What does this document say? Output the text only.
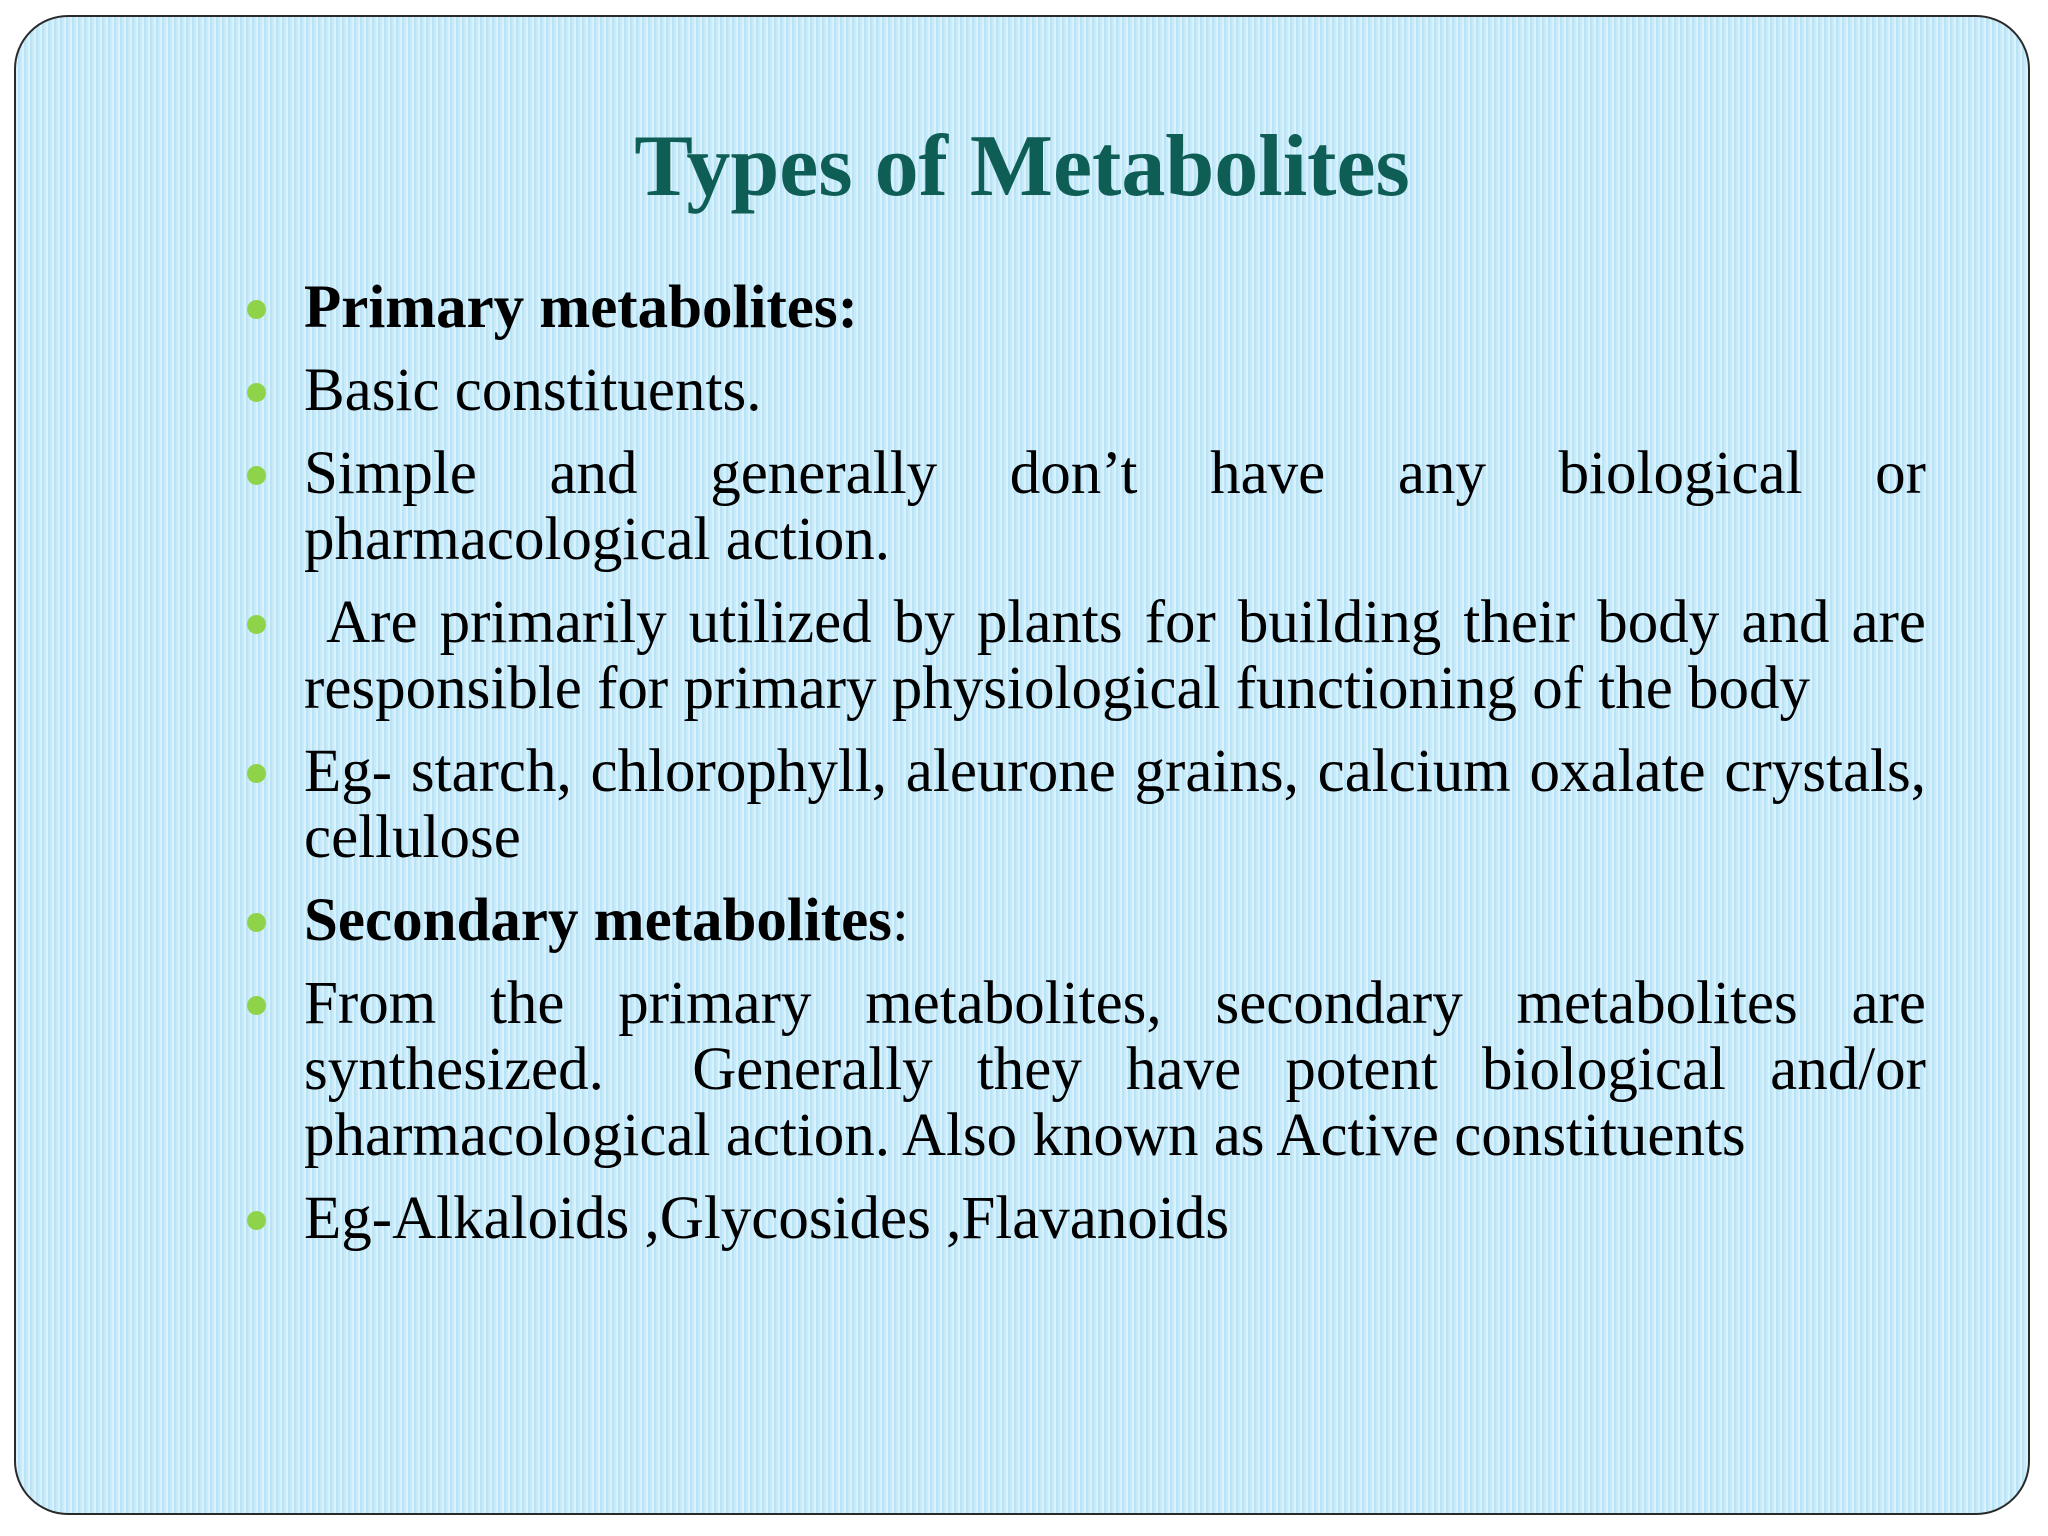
Types of Metabolites
Primary metabolites:
Basic constituents.
Simple and generally don’t have any biological or pharmacological action.
Are primarily utilized by plants for building their body and are responsible for primary physiological functioning of the body
Eg- starch, chlorophyll, aleurone grains, calcium oxalate crystals, cellulose
Secondary metabolites:
From the primary metabolites, secondary metabolites are synthesized.  Generally they have potent biological and/or pharmacological action. Also known as Active constituents
Eg-Alkaloids ,Glycosides ,Flavanoids
